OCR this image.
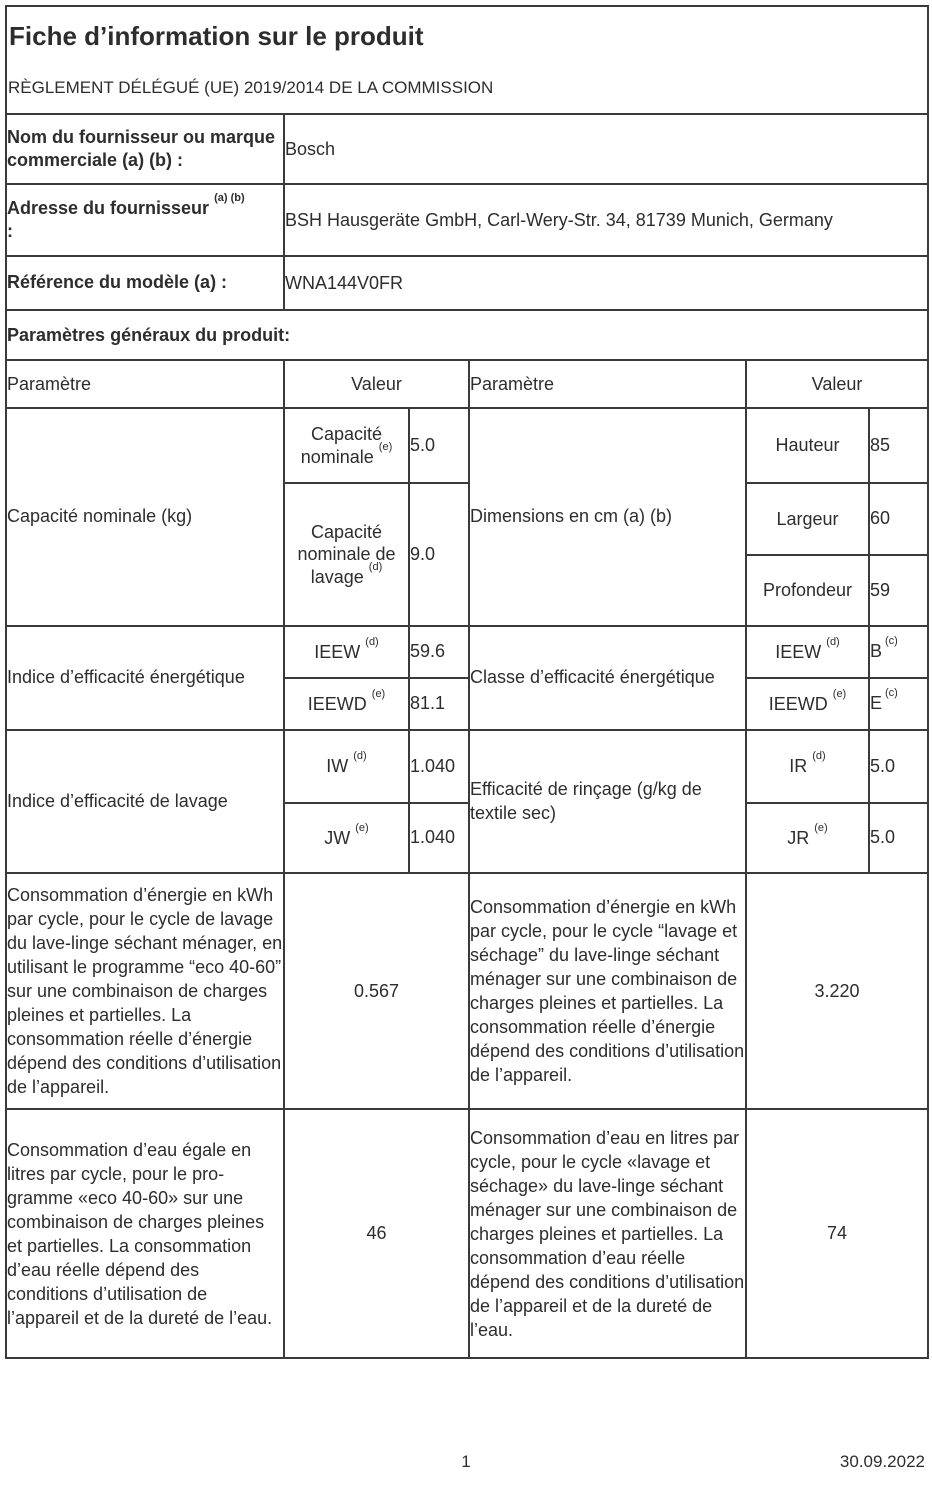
Fiche d’information sur le produit
RÈGLEMENT DÉLÉGUÉ (UE) 2019/2014 DE LA COMMISSION					

Nom du fournisseur ou marque commerciale (a) (b) :	Bosch				
Adresse du fournisseur $^{(a) (b)}$
:	BSH Hausgeräte GmbH, Carl-Wery-Str. 34, 81739 Munich, Germany				
Référence du modèle (a) :	WNA144V0FR				
Paramètres généraux du produit:					
Paramètre	Valeur		Paramètre	Valeur	
Capacité nominale (kg)	Capacité nominale $^{(e)}$	5.0	Dimensions en cm (a) (b)	Hauteur	85
	Capacité nominale de lavage $^{(d)}$	9.0		Largeur	60
				Profondeur	59
Indice d’efficacité énergétique	IEEW $^{(d)}$	59.6	Classe d’efficacité énergétique	IEEW $^{(d)}$	B $^{(c)}$
	IEEWD $^{(e)}$	81.1		IEEWD $^{(e)}$	E $^{(c)}$
Indice d’efficacité de lavage	IW $^{(d)}$	1.040	Efficacité de rinçage (g/kg de textile sec)	IR $^{(d)}$	5.0
	JW $^{(e)}$	1.040		JR $^{(e)}$	5.0
Consommation d’énergie en kWh par cycle, pour le cycle de lavage du lave-linge séchant ménager, en utilisant le programme “eco 40-60” sur une combinaison de charges pleines et partielles. La consommation réelle d’énergie dépend des conditions d’utilisation de l’appareil.	0.567	Consommation d’énergie en kWh par cycle, pour le cycle “lavage et séchage” du lave-linge séchant ménager sur une combinaison de charges pleines et partielles. La consommation réelle d’énergie dépend des conditions d’utilisation de l’appareil.	3.220
Consommation d’eau égale en litres par cycle, pour le programme «eco 40-60» sur une combinaison de charges pleines et partielles. La consommation d’eau réelle dépend des conditions d’utilisation de l’appareil et de la dureté de l’eau.	46	Consommation d’eau en litres par cycle, pour le cycle «lavage et séchage» du lave-linge séchant ménager sur une combinaison de charges pleines et partielles. La consommation d’eau réelle dépend des conditions d’utilisation de l’appareil et de la dureté de l’eau.	74
1	30.09.2022
